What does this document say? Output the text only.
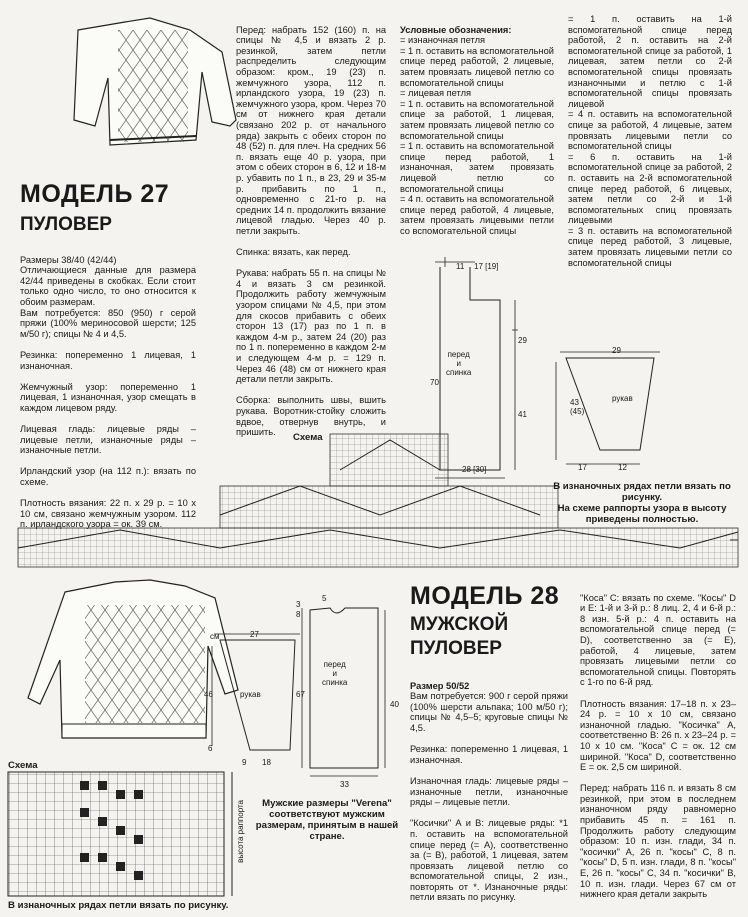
МОДЕЛЬ 27
ПУЛОВЕР

Размеры 38/40 (42/44)
Отличающиеся данные для размера 42/44 приведены в скобках. Если стоит только одно число, то оно относится к обоим размерам.

Вам потребуется: 850 (950) г серой пряжи (100% мериносовой шерсти; 125 м/50 г); спицы № 4 и 4,5.

Резинка: попеременно 1 лицевая, 1 изнаночная.

Жемчужный узор: попеременно 1 лицевая, 1 изнаночная, узор смещать в каждом лицевом ряду.

Лицевая гладь: лицевые ряды – лицевые петли, изнаночные ряды – изнаночные петли.

Ирландский узор (на 112 п.): вязать по схеме.

Плотность вязания: 22 п. х 29 р. = 10 х 10 см, связано жемчужным узором. 112 п. ирландского узора = ок. 39 см.

Перед: набрать 152 (160) п. на спицы № 4,5 и вязать 2 р. резинкой, затем петли распределить следующим образом: кром., 19 (23) п. жемчужного узора, 112 п. ирландского узора, 19 (23) п. жемчужного узора, кром. Через 70 см от нижнего края детали (связано 202 р. от начального ряда) закрыть с обеих сторон по 48 (52) п. для плеч. На средних 56 п. вязать еще 40 р. узора, при этом с обеих сторон в 6, 12 и 18-м р. убавить по 1 п., в 23, 29 и 35-м р. прибавить по 1 п., одновременно с 21-го р. на средних 14 п. продолжить вязание лицевой гладью. Через 40 р. петли закрыть.

Спинка: вязать, как перед.

Рукава: набрать 55 п. на спицы № 4 и вязать 3 см резинкой. Продолжить работу жемчужным узором спицами № 4,5, при этом для скосов прибавить с обеих сторон 13 (17) раз по 1 п. в каждом 4-м р., затем 24 (20) раз по 1 п. попеременно в каждом 2-м и следующем 4-м р. = 129 п. Через 46 (48) см от нижнего края детали петли закрыть.

Сборка: выполнить швы, вшить рукава. Воротник-стойку сложить вдвое, отвернув внутрь, и пришить.

Условные обозначения:

= изнаночная петля
= 1 п. оставить на вспомогательной спице перед работой, 2 лицевые, затем провязать лицевой петлю со вспомогательной спицы
= лицевая петля
= 1 п. оставить на вспомогательной спице за работой, 1 лицевая, затем провязать лицевой петлю со вспомогательной спицы
= 1 п. оставить на вспомогательной спице перед работой, 1 изнаночная, затем провязать лицевой петлю со вспомогательной спицы
= 4 п. оставить на вспомогательной спице перед работой, 4 лицевые, затем провязать лицевыми петли со вспомогательной спицы

= 1 п. оставить на 1-й вспомогательной спице перед работой, 2 п. оставить на 2-й вспомогательной спице за работой, 1 лицевая, затем петли со 2-й вспомогательной спицы провязать изнаночными и петлю с 1-й вспомогательной спицы провязать лицевой
= 4 п. оставить на вспомогательной спице за работой, 4 лицевые, затем провязать лицевыми петли со вспомогательной спицы
= 6 п. оставить на 1-й вспомогательной спице за работой, 2 п. оставить на 2-й вспомогательной спице перед работой, 6 лицевых, затем петли со 2-й и 1-й вспомогательных спиц провязать лицевыми
= 3 п. оставить на вспомогательной спице перед работой, 3 лицевые, затем провязать лицевыми петли со вспомогательной спицы
Схема
В изнаночных рядах петли вязать по рисунку.
На схеме раппорты узора в высоту приведены полностью.
перед
и
спинка
11 17 [19]
28 [30]
70
29
41
29
рукав
17	12
43
(45)
МОДЕЛЬ 28
МУЖСКОЙ
ПУЛОВЕР

Размер 50/52

Вам потребуется: 900 г серой пряжи (100% шерсти альпака; 100 м/50 г); спицы № 4,5–5; круговые спицы № 4,5.

Резинка: попеременно 1 лицевая, 1 изнаночная.

Изнаночная гладь: лицевые ряды – изнаночные петли, изнаночные ряды – лицевые петли.

"Косички" А и В: лицевые ряды: *1 п. оставить на вспомогательной спице перед (= А), соответственно за (= В), работой, 1 лицевая, затем провязать лицевой петлю со вспомогательной спицы, 2 изн., повторять от *. Изнаночные ряды: петли вязать по рисунку.

"Коса" С: вязать по схеме. "Косы" D и Е: 1-й и 3-й р.: 8 лиц. 2, 4 и 6-й р.: 8 изн. 5-й р.: 4 п. оставить на вспомогательной спице перед (= D), соответственно за (= Е), работой, 4 лицевые, затем провязать лицевыми петли со вспомогательной спицы. Повторять с 1-го по 6-й ряд.

Плотность вязания: 17–18 п. х 23–24 р. = 10 х 10 см, связано изнаночной гладью. "Косичка" А, соответственно В: 26 п. х 23–24 р. = 10 х 10 см. "Коса" С = ок. 12 см шириной. "Коса" D, соответственно Е = ок. 2,5 см шириной.

Перед: набрать 116 п. и вязать 8 см резинкой, при этом в последнем изнаночном ряду равномерно прибавить 45 п. = 161 п. Продолжить работу следующим образом: 10 п. изн. глади, 34 п. "косички" А, 26 п. "косы" С, 8 п. "косы" D, 5 п. изн. глади, 8 п. "косы" Е, 26 п. "косы" С, 34 п. "косички" В, 10 п. изн. глади. Через 67 см от нижнего края детали закрыть

Мужские размеры "Verena" соответствуют мужским размерам, принятым в нашей стране.
Схема
В изнаночных рядах петли вязать по рисунку.
высота раппорта
рукав
перед
и
спинка
см	27
46
6
9 18
3
8
67
40
33
5
